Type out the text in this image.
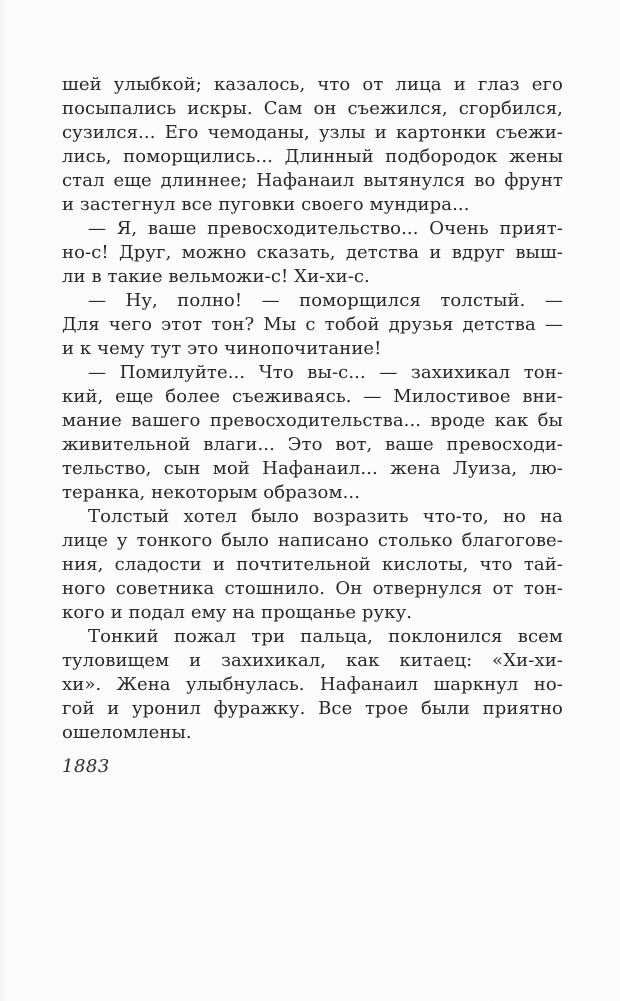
шей улыбкой; казалось, что от лица и глаз его
посыпались искры. Сам он съежился, сгорбился,
сузился... Его чемоданы, узлы и картонки съежи-
лись, поморщились... Длинный подбородок жены
стал еще длиннее; Нафанаил вытянулся во фрунт
и застегнул все пуговки своего мундира...
— Я, ваше превосходительство... Очень прият-
но-с! Друг, можно сказать, детства и вдруг выш-
ли в такие вельможи-с! Хи-хи-с.
— Ну, полно! — поморщился толстый. —
Для чего этот тон? Мы с тобой друзья детства —
и к чему тут это чинопочитание!
— Помилуйте... Что вы-с... — захихикал тон-
кий, еще более съеживаясь. — Милостивое вни-
мание вашего превосходительства... вроде как бы
живительной влаги... Это вот, ваше превосходи-
тельство, сын мой Нафанаил... жена Луиза, лю-
теранка, некоторым образом...
Толстый хотел было возразить что-то, но на
лице у тонкого было написано столько благогове-
ния, сладости и почтительной кислоты, что тай-
ного советника стошнило. Он отвернулся от тон-
кого и подал ему на прощанье руку.
Тонкий пожал три пальца, поклонился всем
туловищем и захихикал, как китаец: «Хи-хи-
хи». Жена улыбнулась. Нафанаил шаркнул но-
гой и уронил фуражку. Все трое были приятно
ошеломлены.
1883
